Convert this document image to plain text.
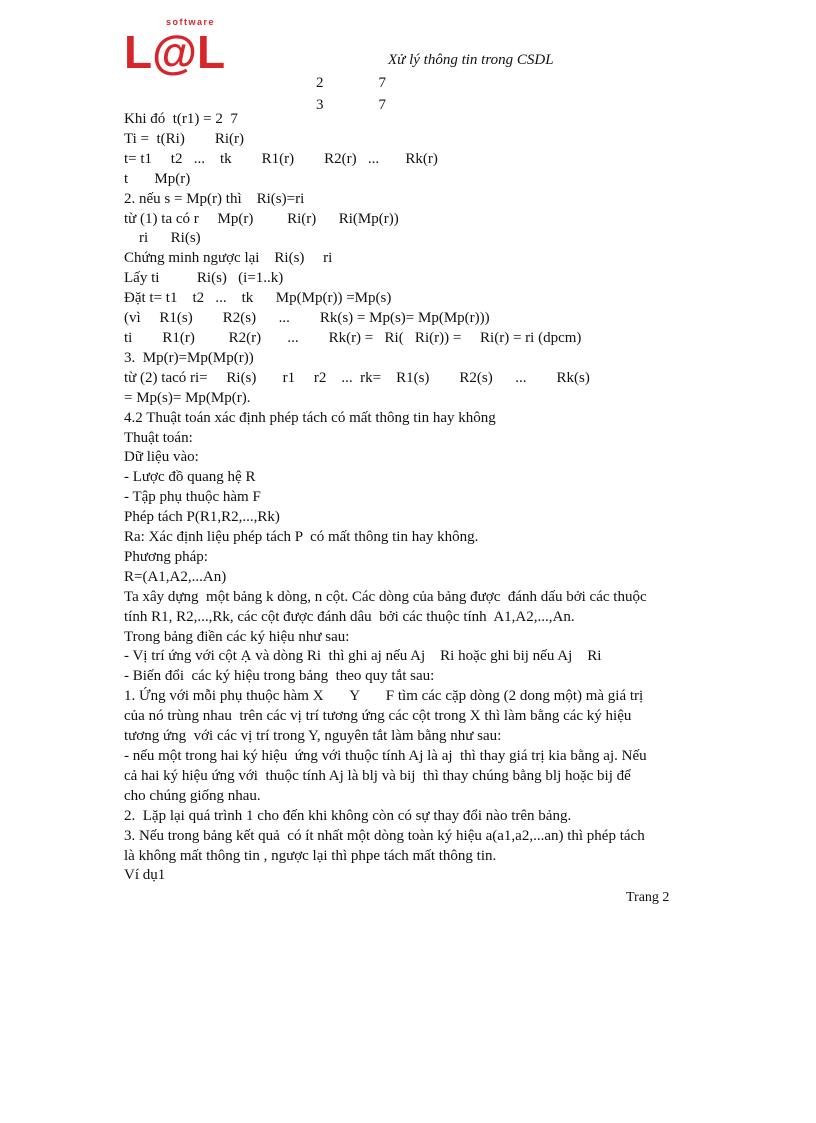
software
L@L	Xử lý thông tin trong CSDL
2    7
3    7
Khi đó  t(r1) = 2  7
Ti =  t(Ri)        Ri(r)
t= t1     t2   ...    tk        R1(r)        R2(r)   ...       Rk(r)
t       Mp(r)
2. nếu s = Mp(r) thì    Ri(s)=ri
từ (1) ta có r     Mp(r)         Ri(r)      Ri(Mp(r))
ri      Ri(s)
Chứng minh ngược lại    Ri(s)     ri
Lấy ti          Ri(s)   (i=1..k)
Đặt t= t1    t2   ...    tk      Mp(Mp(r)) =Mp(s)
(vì     R1(s)        R2(s)      ...        Rk(s) = Mp(s)= Mp(Mp(r)))
ti        R1(r)         R2(r)       ...        Rk(r) =   Ri(   Ri(r)) =     Ri(r) = ri (dpcm)
3.  Mp(r)=Mp(Mp(r))
từ (2) tacó ri=     Ri(s)       r1     r2    ...  rk=    R1(s)        R2(s)      ...        Rk(s)
= Mp(s)= Mp(Mp(r).
4.2 Thuật toán xác định phép tách có mất thông tin hay không
Thuật toán:
Dữ liệu vào:
- Lược đồ quang hệ R
- Tập phụ thuộc hàm F
Phép tách P(R1,R2,...,Rk)
Ra: Xác định liệu phép tách P  có mất thông tin hay không.
Phương pháp:
R=(A1,A2,...An)
Ta xây dựng  một bảng k dòng, n cột. Các dòng của bảng được  đánh dấu bởi các thuộc
tính R1, R2,...,Rk, các cột được đánh dâu  bởi các thuộc tính  A1,A2,...,An.
Trong bảng điền các ký hiệu như sau:
- Vị trí ứng với cột Ạ và dòng Ri  thì ghi aj nếu Aj    Ri hoặc ghi bij nếu Aj    Ri
- Biến đổi  các ký hiệu trong bảng  theo quy tắt sau:
1. Ứng với mỗi phụ thuộc hàm X       Y       F tìm các cặp dòng (2 dong một) mà giá trị
của nó trùng nhau  trên các vị trí tương ứng các cột trong X thì làm bằng các ký hiệu
tương ứng  với các vị trí trong Y, nguyên tắt làm bằng như sau:
- nếu một trong hai ký hiệu  ứng với thuộc tính Aj là aj  thì thay giá trị kia bằng aj. Nếu
cả hai ký hiệu ứng với  thuộc tính Aj là blj và bij  thì thay chúng bằng blj hoặc bij để
cho chúng giống nhau.
2.  Lặp lại quá trình 1 cho đến khi không còn có sự thay đổi nào trên bảng.
3. Nếu trong bảng kết quả  có ít nhất một dòng toàn ký hiệu a(a1,a2,...an) thì phép tách
là không mất thông tin , ngược lại thì phpe tách mất thông tin.
Ví dụ1
Trang 2
